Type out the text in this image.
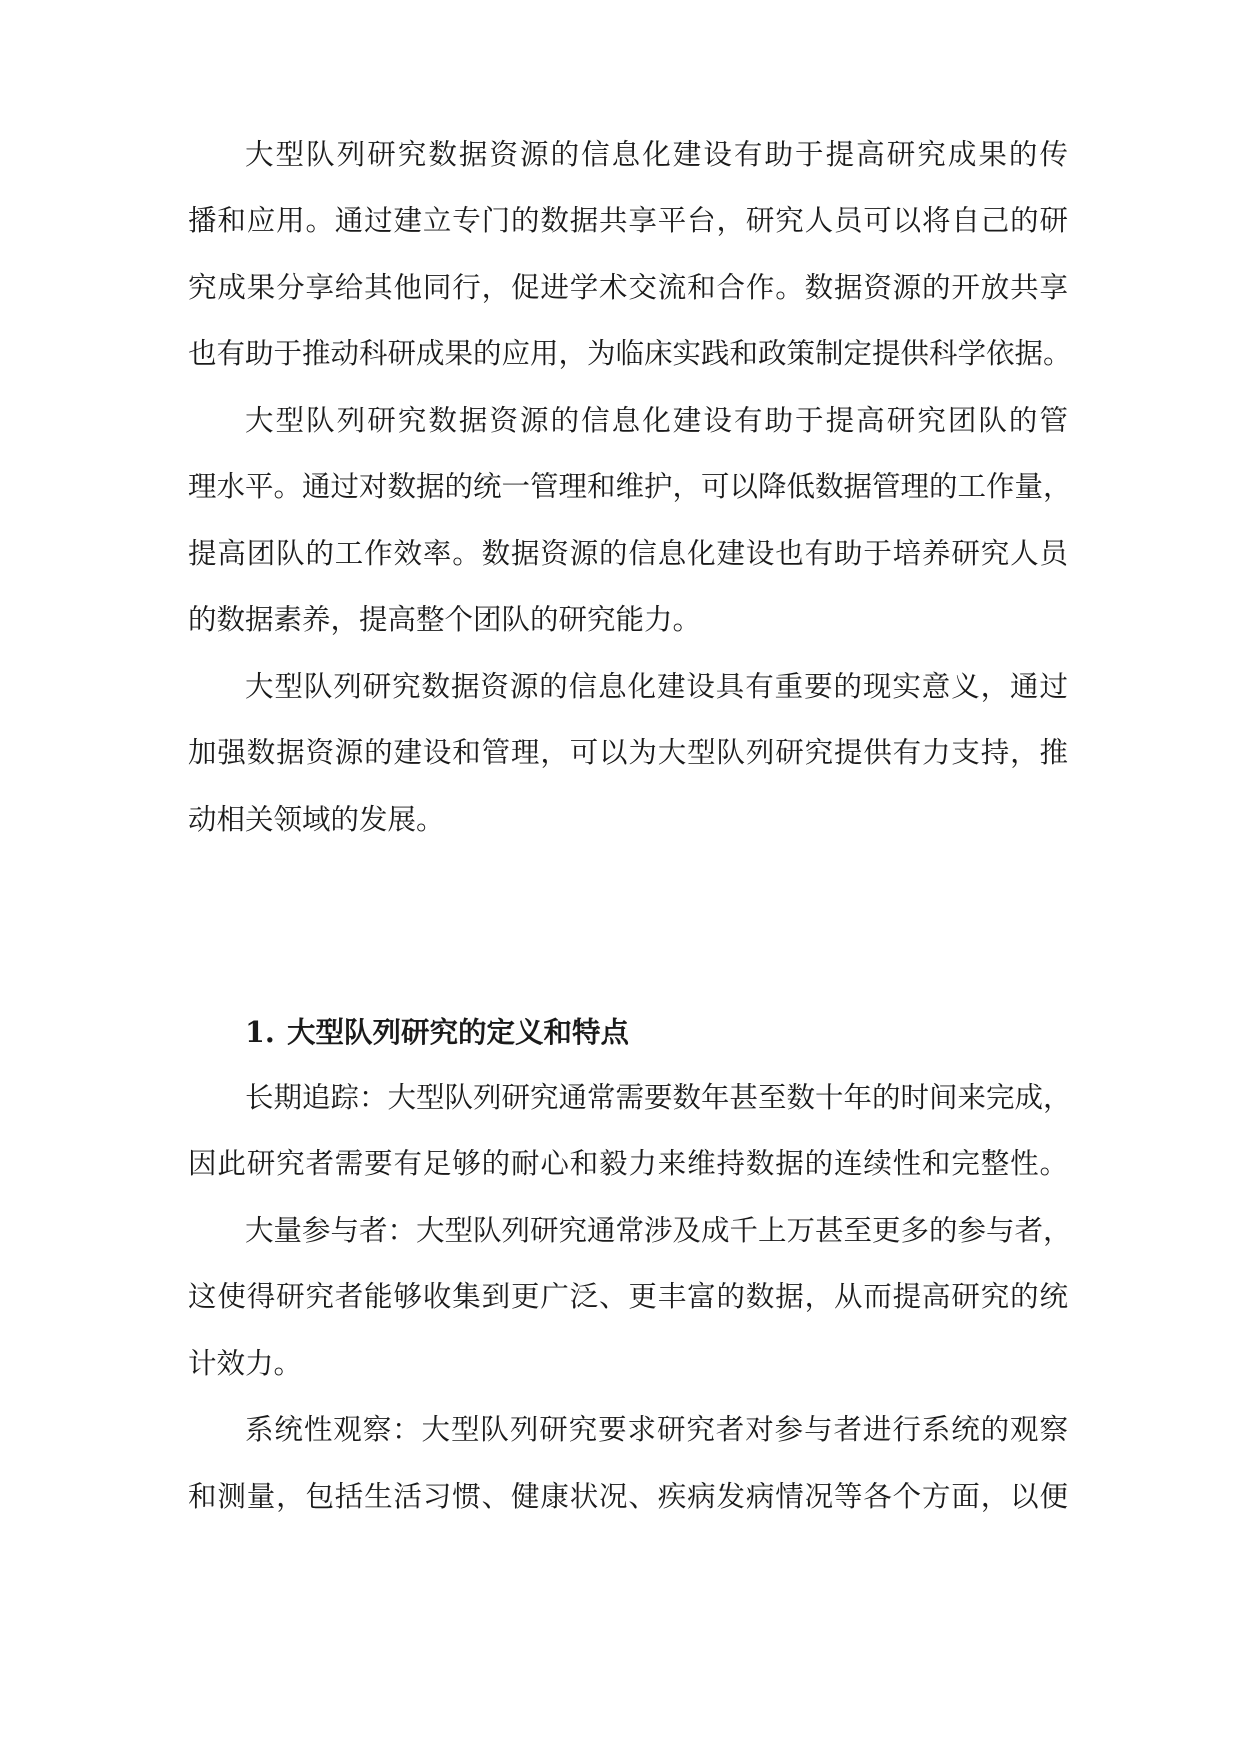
大型队列研究数据资源的信息化建设有助于提高研究成果的传

播和应用。通过建立专门的数据共享平台，研究人员可以将自己的研

究成果分享给其他同行，促进学术交流和合作。数据资源的开放共享

也有助于推动科研成果的应用，为临床实践和政策制定提供科学依据。

大型队列研究数据资源的信息化建设有助于提高研究团队的管

理水平。通过对数据的统一管理和维护，可以降低数据管理的工作量，

提高团队的工作效率。数据资源的信息化建设也有助于培养研究人员

的数据素养，提高整个团队的研究能力。

大型队列研究数据资源的信息化建设具有重要的现实意义，通过

加强数据资源的建设和管理，可以为大型队列研究提供有力支持，推

动相关领域的发展。

1. 大型队列研究的定义和特点

长期追踪：大型队列研究通常需要数年甚至数十年的时间来完成，

因此研究者需要有足够的耐心和毅力来维持数据的连续性和完整性。

大量参与者：大型队列研究通常涉及成千上万甚至更多的参与者，

这使得研究者能够收集到更广泛、更丰富的数据，从而提高研究的统

计效力。

系统性观察：大型队列研究要求研究者对参与者进行系统的观察

和测量，包括生活习惯、健康状况、疾病发病情况等各个方面，以便
